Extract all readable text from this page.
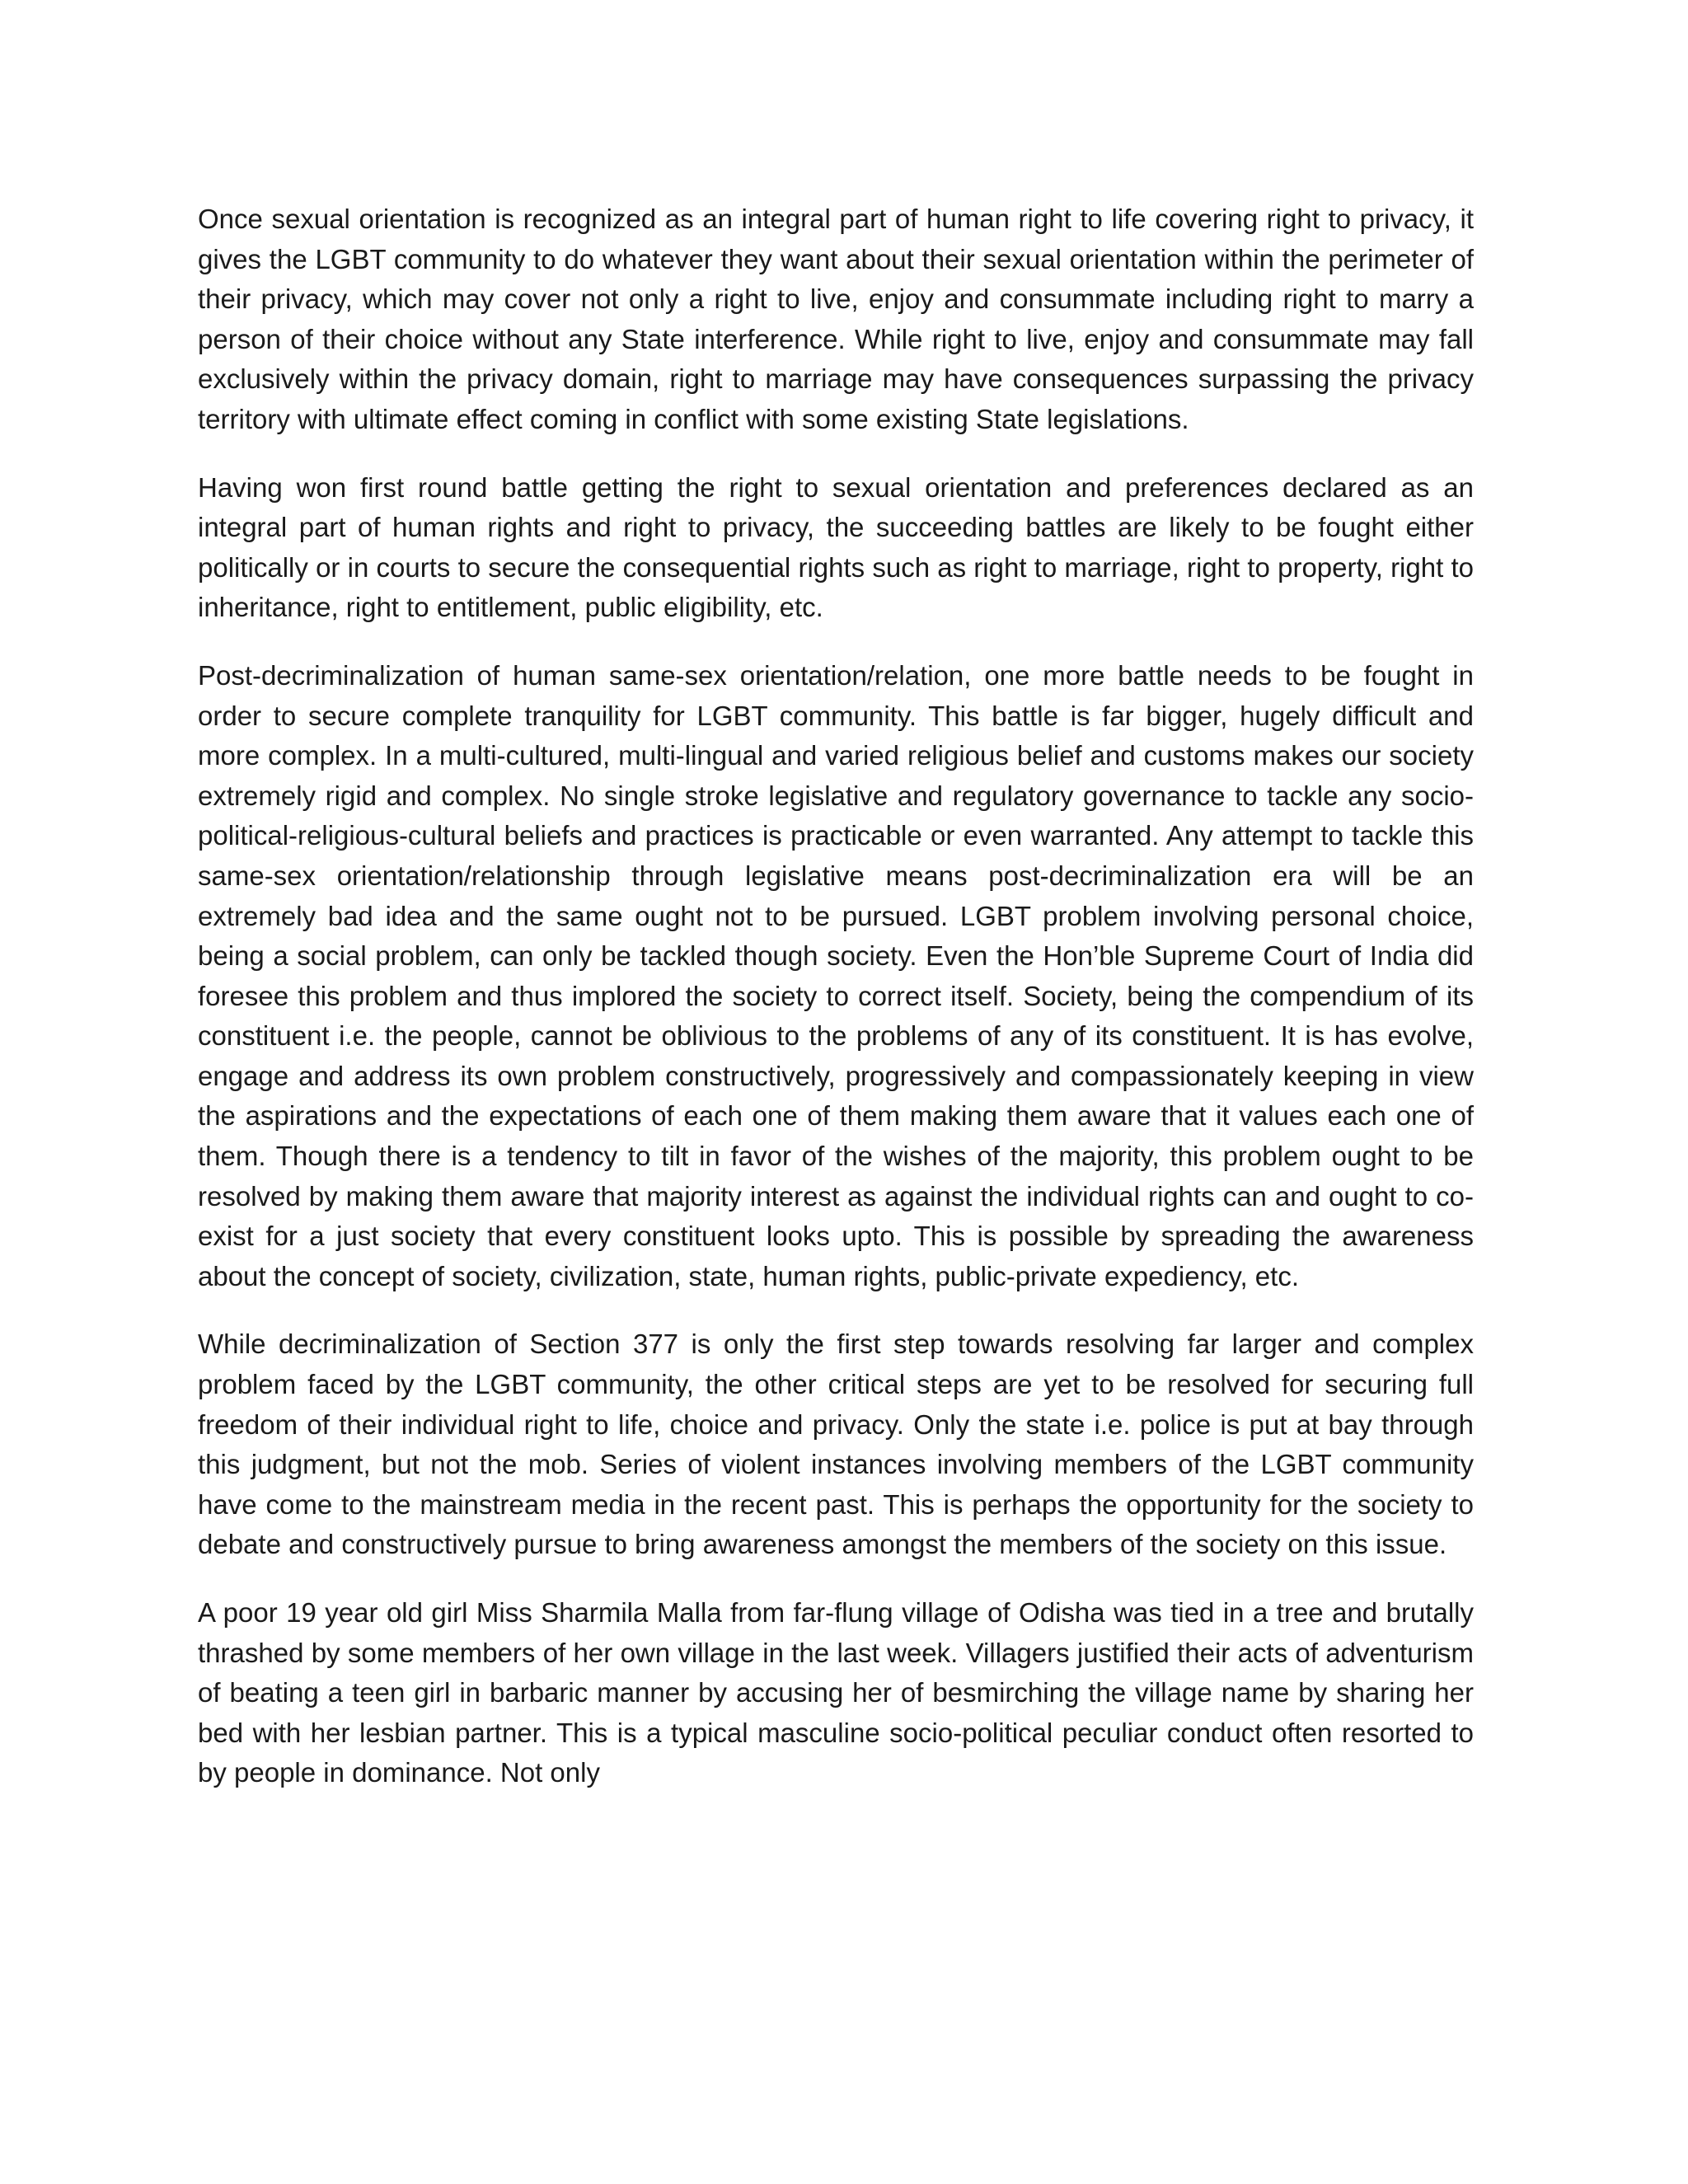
Once sexual orientation is recognized as an integral part of human right to life covering right to privacy, it gives the LGBT community to do whatever they want about their sexual orientation within the perimeter of their privacy, which may cover not only a right to live, enjoy and consummate including right to marry a person of their choice without any State interference. While right to live, enjoy and consummate may fall exclusively within the privacy domain, right to marriage may have consequences surpassing the privacy territory with ultimate effect coming in conflict with some existing State legislations.

Having won first round battle getting the right to sexual orientation and preferences declared as an integral part of human rights and right to privacy, the succeeding battles are likely to be fought either politically or in courts to secure the consequential rights such as right to marriage, right to property, right to inheritance, right to entitlement, public eligibility, etc.

Post-decriminalization of human same-sex orientation/relation, one more battle needs to be fought in order to secure complete tranquility for LGBT community. This battle is far bigger, hugely difficult and more complex. In a multi-cultured, multi-lingual and varied religious belief and customs makes our society extremely rigid and complex. No single stroke legislative and regulatory governance to tackle any socio-political-religious-cultural beliefs and practices is practicable or even warranted. Any attempt to tackle this same-sex orientation/relationship through legislative means post-decriminalization era will be an extremely bad idea and the same ought not to be pursued. LGBT problem involving personal choice, being a social problem, can only be tackled though society. Even the Hon’ble Supreme Court of India did foresee this problem and thus implored the society to correct itself. Society, being the compendium of its constituent i.e. the people, cannot be oblivious to the problems of any of its constituent. It is has evolve, engage and address its own problem constructively, progressively and compassionately keeping in view the aspirations and the expectations of each one of them making them aware that it values each one of them. Though there is a tendency to tilt in favor of the wishes of the majority, this problem ought to be resolved by making them aware that majority interest as against the individual rights can and ought to co-exist for a just society that every constituent looks upto. This is possible by spreading the awareness about the concept of society, civilization, state, human rights, public-private expediency, etc.

While decriminalization of Section 377 is only the first step towards resolving far larger and complex problem faced by the LGBT community, the other critical steps are yet to be resolved for securing full freedom of their individual right to life, choice and privacy. Only the state i.e. police is put at bay through this judgment, but not the mob. Series of violent instances involving members of the LGBT community have come to the mainstream media in the recent past. This is perhaps the opportunity for the society to debate and constructively pursue to bring awareness amongst the members of the society on this issue.

A poor 19 year old girl Miss Sharmila Malla from far-flung village of Odisha was tied in a tree and brutally thrashed by some members of her own village in the last week. Villagers justified their acts of adventurism of beating a teen girl in barbaric manner by accusing her of besmirching the village name by sharing her bed with her lesbian partner. This is a typical masculine socio-political peculiar conduct often resorted to by people in dominance. Not only
